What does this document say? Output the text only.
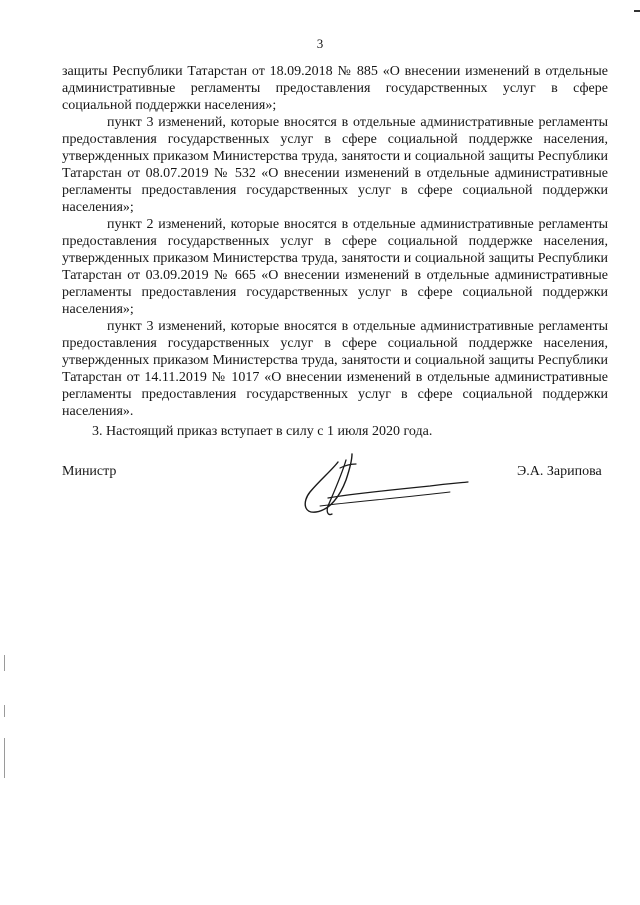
3

защиты Республики Татарстан от 18.09.2018 № 885 «О внесении изменений в отдельные административные регламенты предоставления государственных услуг в сфере социальной поддержки населения»;

пункт 3 изменений, которые вносятся в отдельные административные регламенты предоставления государственных услуг в сфере социальной поддержке населения, утвержденных приказом Министерства труда, занятости и социальной защиты Республики Татарстан от 08.07.2019 № 532 «О внесении изменений в отдельные административные регламенты предоставления государственных услуг в сфере социальной поддержки населения»;

пункт 2 изменений, которые вносятся в отдельные административные регламенты предоставления государственных услуг в сфере социальной поддержке населения, утвержденных приказом Министерства труда, занятости и социальной защиты Республики Татарстан от 03.09.2019 № 665 «О внесении изменений в отдельные административные регламенты предоставления государственных услуг в сфере социальной поддержки населения»;

пункт 3 изменений, которые вносятся в отдельные административные регламенты предоставления государственных услуг в сфере социальной поддержке населения, утвержденных приказом Министерства труда, занятости и социальной защиты Республики Татарстан от 14.11.2019 № 1017 «О внесении изменений в отдельные административные регламенты предоставления государственных услуг в сфере социальной поддержки населения».

3. Настоящий приказ вступает в силу с 1 июля 2020 года.

Министр	Э.А. Зарипова
